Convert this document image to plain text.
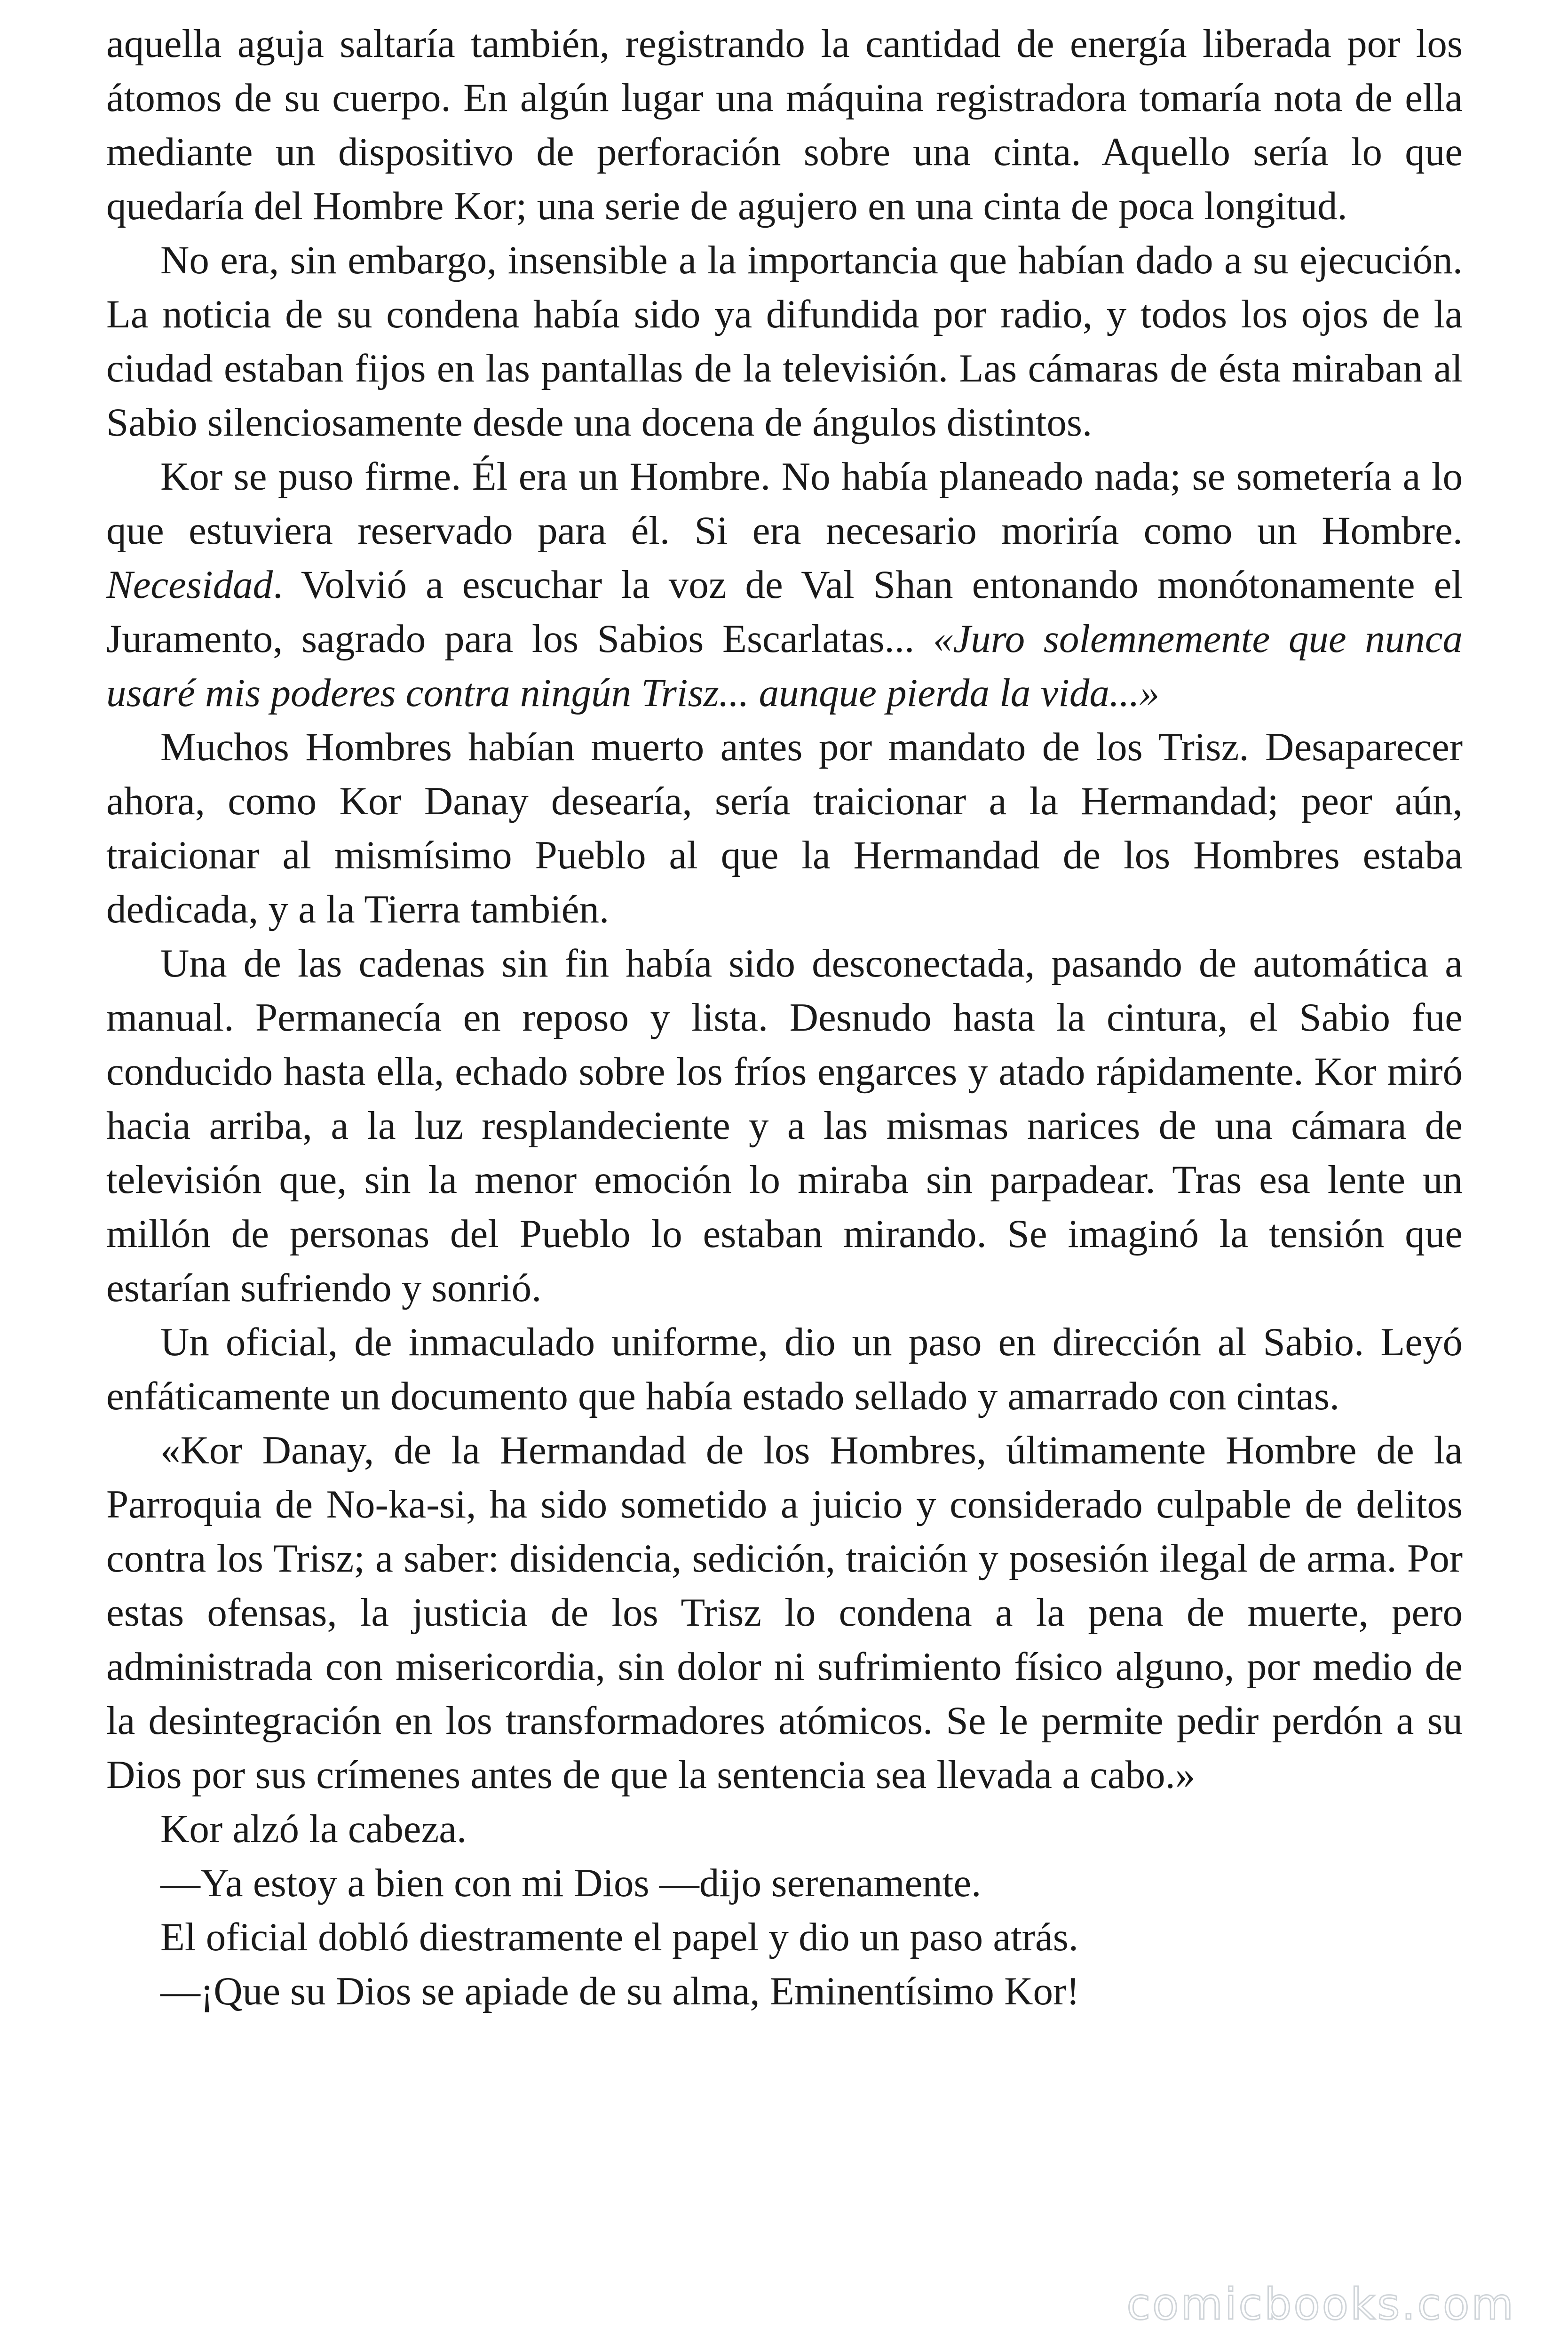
aquella aguja saltaría también, registrando la cantidad de energía liberada por los átomos de su cuerpo. En algún lugar una máquina registradora tomaría nota de ella mediante un dispositivo de perforación sobre una cinta. Aquello sería lo que quedaría del Hombre Kor; una serie de agujero en una cinta de poca longitud.

No era, sin embargo, insensible a la importancia que habían dado a su ejecución. La noticia de su condena había sido ya difundida por radio, y todos los ojos de la ciudad estaban fijos en las pantallas de la televisión. Las cámaras de ésta miraban al Sabio silenciosamente desde una docena de ángulos distintos.

Kor se puso firme. Él era un Hombre. No había planeado nada; se sometería a lo que estuviera reservado para él. Si era necesario moriría como un Hombre. Necesidad. Volvió a escuchar la voz de Val Shan entonando monótonamente el Juramento, sagrado para los Sabios Escarlatas... «Juro solemnemente que nunca usaré mis poderes contra ningún Trisz... aunque pierda la vida...»

Muchos Hombres habían muerto antes por mandato de los Trisz. Desaparecer ahora, como Kor Danay desearía, sería traicionar a la Hermandad; peor aún, traicionar al mismísimo Pueblo al que la Hermandad de los Hombres estaba dedicada, y a la Tierra también.

Una de las cadenas sin fin había sido desconectada, pasando de automática a manual. Permanecía en reposo y lista. Desnudo hasta la cintura, el Sabio fue conducido hasta ella, echado sobre los fríos engarces y atado rápidamente. Kor miró hacia arriba, a la luz resplandeciente y a las mismas narices de una cámara de televisión que, sin la menor emoción lo miraba sin parpadear. Tras esa lente un millón de personas del Pueblo lo estaban mirando. Se imaginó la tensión que estarían sufriendo y sonrió.

Un oficial, de inmaculado uniforme, dio un paso en dirección al Sabio. Leyó enfáticamente un documento que había estado sellado y amarrado con cintas.

«Kor Danay, de la Hermandad de los Hombres, últimamente Hombre de la Parroquia de No-ka-si, ha sido sometido a juicio y considerado culpable de delitos contra los Trisz; a saber: disidencia, sedición, traición y posesión ilegal de arma. Por estas ofensas, la justicia de los Trisz lo condena a la pena de muerte, pero administrada con misericordia, sin dolor ni sufrimiento físico alguno, por medio de la desintegración en los transformadores atómicos. Se le permite pedir perdón a su Dios por sus crímenes antes de que la sentencia sea llevada a cabo.»

Kor alzó la cabeza.

—Ya estoy a bien con mi Dios —dijo serenamente.

El oficial dobló diestramente el papel y dio un paso atrás.

—¡Que su Dios se apiade de su alma, Eminentísimo Kor!

comicbooks.com
